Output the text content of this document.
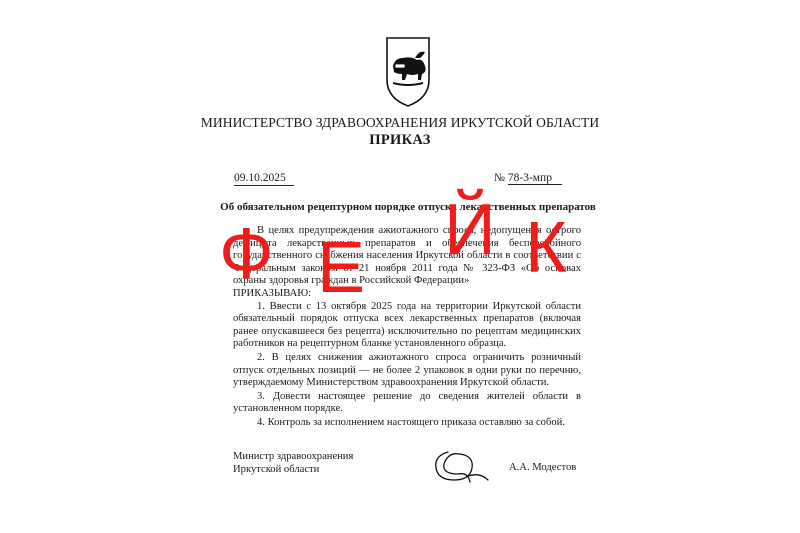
МИНИСТЕРСТВО ЗДРАВООХРАНЕНИЯ ИРКУТСКОЙ ОБЛАСТИ
ПРИКАЗ
09.10.2025	№ 78-3-мпр
Об обязательном рецептурном порядке отпуска лекарственных препаратов

В целях предупреждения ажиотажного спроса, недопущения острого дефицита лекарственных препаратов и обеспечения бесперебойного государственного снабжения населения Иркутской области в соответствии с Федеральным законом от 21 ноября 2011 года № 323-ФЗ «Об основах охраны здоровья граждан в Российской Федерации»

ПРИКАЗЫВАЮ:

1. Ввести с 13 октября 2025 года на территории Иркутской области обязательный порядок отпуска всех лекарственных препаратов (включая ранее опускавшееся без рецепта) исключительно по рецептам медицинских работников на рецептурном бланке установленного образца.

2. В целях снижения ажиотажного спроса ограничить розничный отпуск отдельных позиций — не более 2 упаковок в одни руки по перечню, утверждаемому Министерством здравоохранения Иркутской области.

3. Довести настоящее решение до сведения жителей области в установленном порядке.

4. Контроль за исполнением настоящего приказа оставляю за собой.

Министр здравоохранения
Иркутской области	А.А. Модестов
Ф Е Й К
